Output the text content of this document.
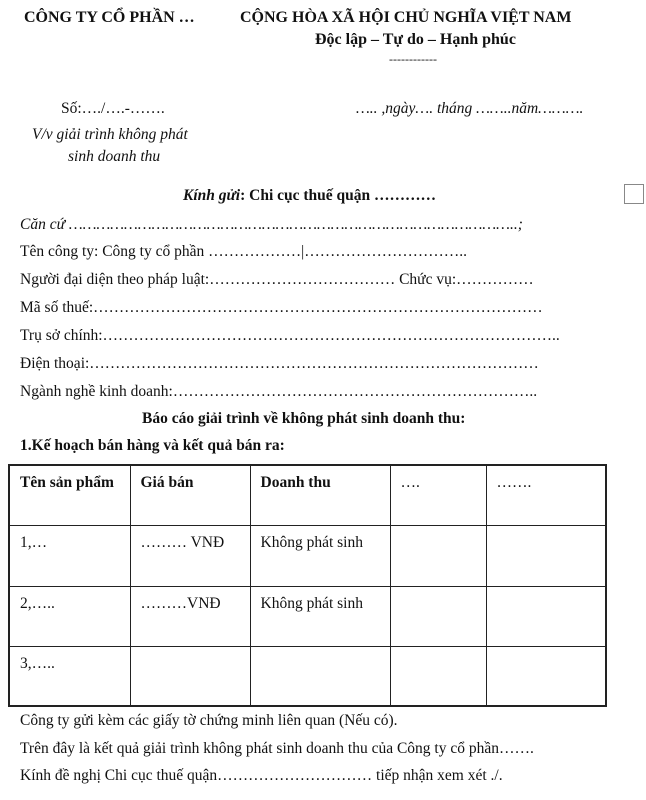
CÔNG TY CỔ PHẦN …	CỘNG HÒA XÃ HỘI CHỦ NGHĨA VIỆT NAM
Độc lập – Tự do – Hạnh phúc
------------
Số:…./….-…….	….. ,ngày…. tháng ……..năm……….
V/v giải trình không phát
sinh doanh thu
Kính gửi: Chi cục thuế quận …………
Căn cứ ……………………………………………………………………………………..;
Tên công ty: Công ty cổ phần ………………|…………………………..
Người đại diện theo pháp luật:……………………………… Chức vụ:……………
Mã số thuế:……………………………………………………………………………
Trụ sở chính:……………………………………………………………………………..
Điện thoại:……………………………………………………………………………
Ngành nghề kinh doanh:……………………………………………………………..
Báo cáo giải trình về không phát sinh doanh thu:
1.Kế hoạch bán hàng và kết quả bán ra:
Tên sản phẩm	Giá bán	Doanh thu	….	…….
1,…	……… VNĐ	Không phát sinh		
2,…..	………VNĐ	Không phát sinh		
3,…..				
Công ty gửi kèm các giấy tờ chứng minh liên quan (Nếu có).
Trên đây là kết quả giải trình không phát sinh doanh thu của Công ty cổ phần…….
Kính đề nghị Chi cục thuế quận………………………… tiếp nhận xem xét ./.
